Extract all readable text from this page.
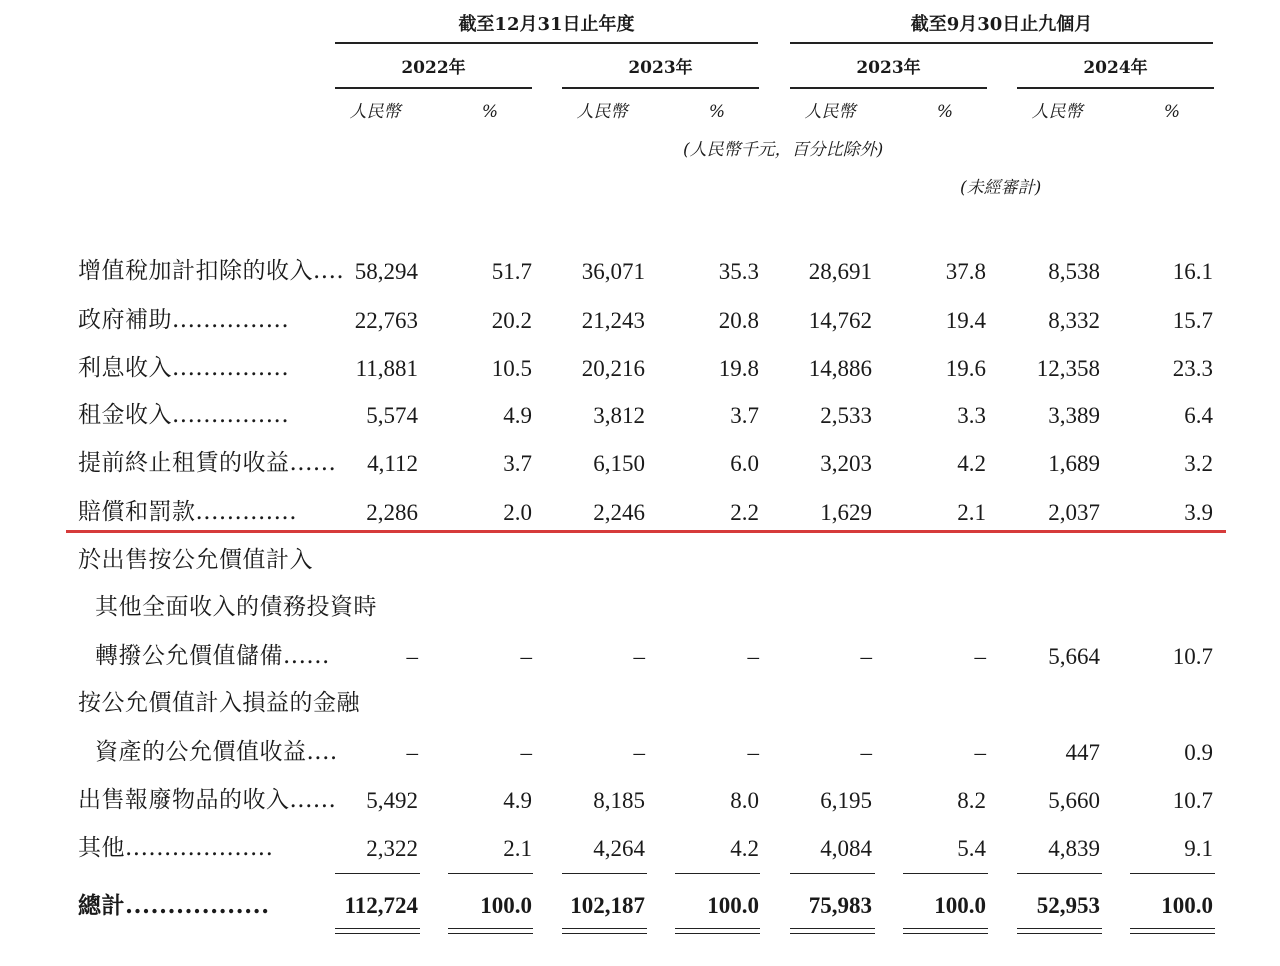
截至12月31日止年度	截至9月30日止九個月
2022年	2023年	2023年	2024年
人民幣	%	人民幣	%	人民幣	%	人民幣	%
(人民幣千元，百分比除外)
(未經審計)
增值稅加計扣除的收入.... 58,294	51.7	36,071	35.3	28,691	37.8	8,538	16.1
政府補助...............	22,763	20.2	21,243	20.8	14,762	19.4	8,332	15.7
利息收入...............	11,881	10.5	20,216	19.8	14,886	19.6	12,358	23.3
租金收入...............	5,574	4.9	3,812	3.7	2,533	3.3	3,389	6.4
提前終止租賃的收益......	4,112	3.7	6,150	6.0	3,203	4.2	1,689	3.2
賠償和罰款.............	2,286	2.0	2,246	2.2	1,629	2.1	2,037	3.9
於出售按公允價值計入
其他全面收入的債務投資時
轉撥公允價值儲備......	–	–	–	–	–	–	5,664	10.7
按公允價值計入損益的金融
資產的公允價值收益....	–	–	–	–	–	–	447	0.9
出售報廢物品的收入......	5,492	4.9	8,185	8.0	6,195	8.2	5,660	10.7
其他...................	2,322	2.1	4,264	4.2	4,084	5.4	4,839	9.1
總計.................	112,724	100.0	102,187	100.0	75,983	100.0	52,953	100.0
